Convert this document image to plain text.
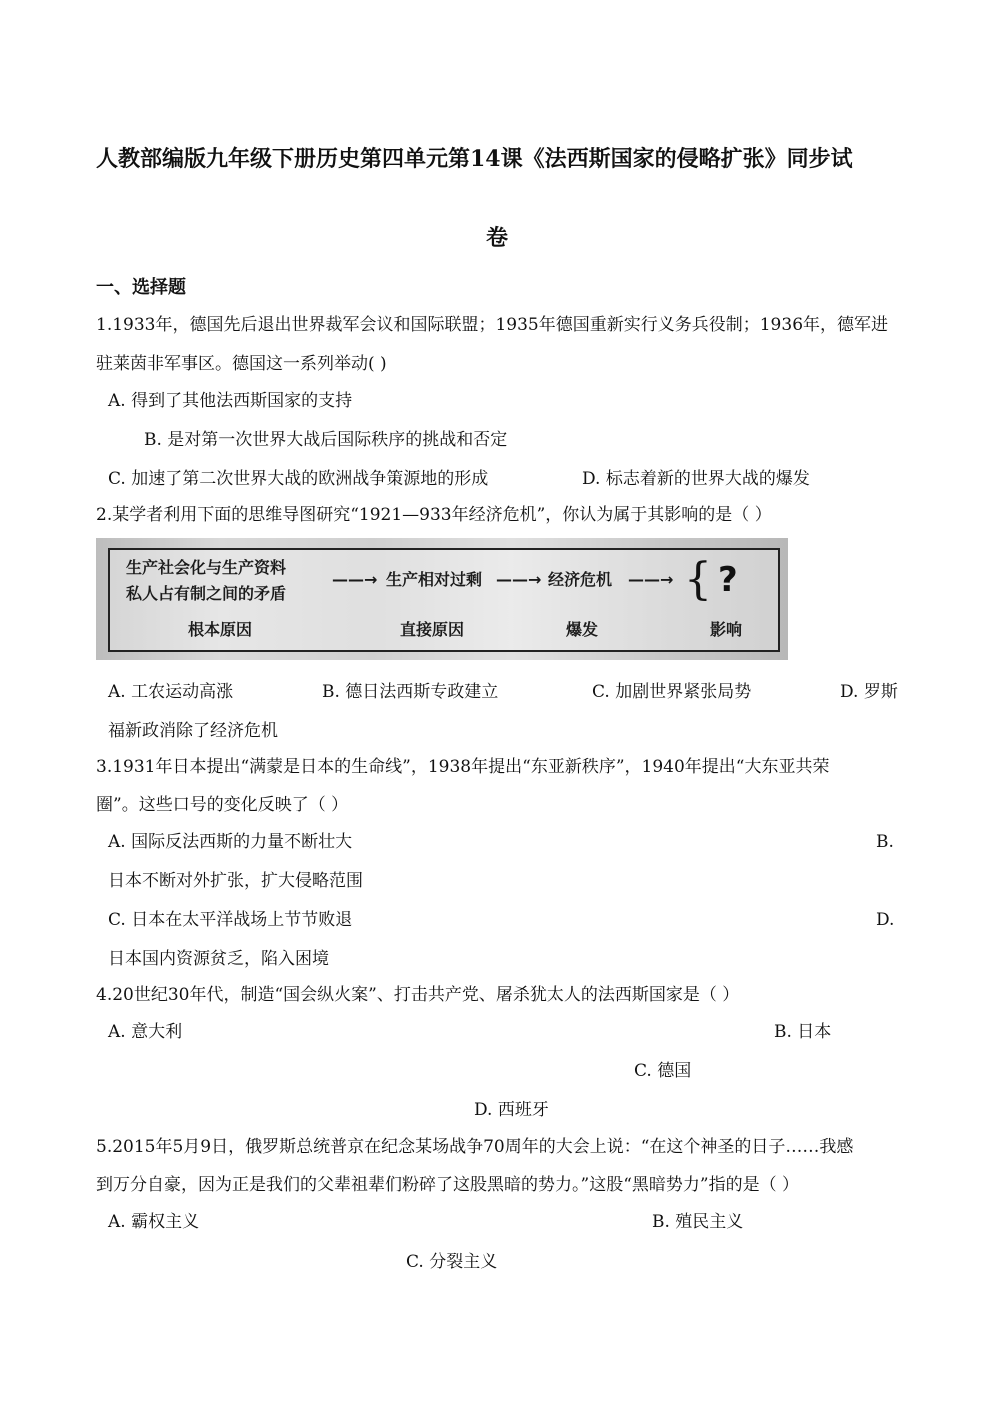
人教部编版九年级下册历史第四单元第14课《法西斯国家的侵略扩张》同步试
卷
一、选择题
1.1933年，德国先后退出世界裁军会议和国际联盟；1935年德国重新实行义务兵役制；1936年，德军进
驻莱茵非军事区。德国这一系列举动( )
A. 得到了其他法西斯国家的支持
B. 是对第一次世界大战后国际秩序的挑战和否定
C. 加速了第二次世界大战的欧洲战争策源地的形成	D. 标志着新的世界大战的爆发
2.某学者利用下面的思维导图研究“1921—933年经济危机”，你认为属于其影响的是（ ）
生产社会化与生产资料
私人占有制之间的矛盾
——→ 生产相对过剩 ——→ 经济危机 ——→ { ?
根本原因	直接原因	爆发	影响
A. 工农运动高涨	B. 德日法西斯专政建立	C. 加剧世界紧张局势	D. 罗斯
福新政消除了经济危机
3.1931年日本提出“满蒙是日本的生命线”，1938年提出“东亚新秩序”，1940年提出“大东亚共荣
圈”。这些口号的变化反映了（ ）
A. 国际反法西斯的力量不断壮大	B.
日本不断对外扩张，扩大侵略范围
C. 日本在太平洋战场上节节败退	D.
日本国内资源贫乏，陷入困境
4.20世纪30年代，制造“国会纵火案”、打击共产党、屠杀犹太人的法西斯国家是（ ）
A. 意大利	B. 日本
C. 德国
D. 西班牙
5.2015年5月9日，俄罗斯总统普京在纪念某场战争70周年的大会上说：“在这个神圣的日子……我感
到万分自豪，因为正是我们的父辈祖辈们粉碎了这股黑暗的势力。”这股“黑暗势力”指的是（ ）
A. 霸权主义	B. 殖民主义
C. 分裂主义
